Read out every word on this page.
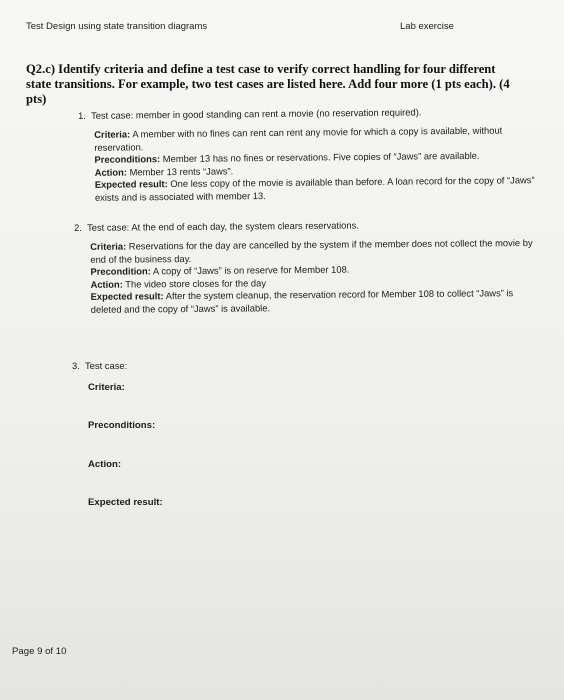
Test Design using state transition diagrams	Lab exercise
Q2.c) Identify criteria and define a test case to verify correct handling for four different state transitions. For example, two test cases are listed here. Add four more (1 pts each). (4 pts)
1. Test case: member in good standing can rent a movie (no reservation required).

Criteria: A member with no fines can rent can rent any movie for which a copy is available, without reservation.

Preconditions: Member 13 has no fines or reservations. Five copies of “Jaws” are available.

Action: Member 13 rents “Jaws”.

Expected result: One less copy of the movie is available than before. A loan record for the copy of “Jaws” exists and is associated with member 13.

2. Test case: At the end of each day, the system clears reservations.

Criteria: Reservations for the day are cancelled by the system if the member does not collect the movie by end of the business day.

Precondition: A copy of “Jaws” is on reserve for Member 108.

Action: The video store closes for the day

Expected result: After the system cleanup, the reservation record for Member 108 to collect “Jaws” is deleted and the copy of “Jaws” is available.

3. Test case:
Criteria:
Preconditions:
Action:
Expected result:
Page 9 of 10
